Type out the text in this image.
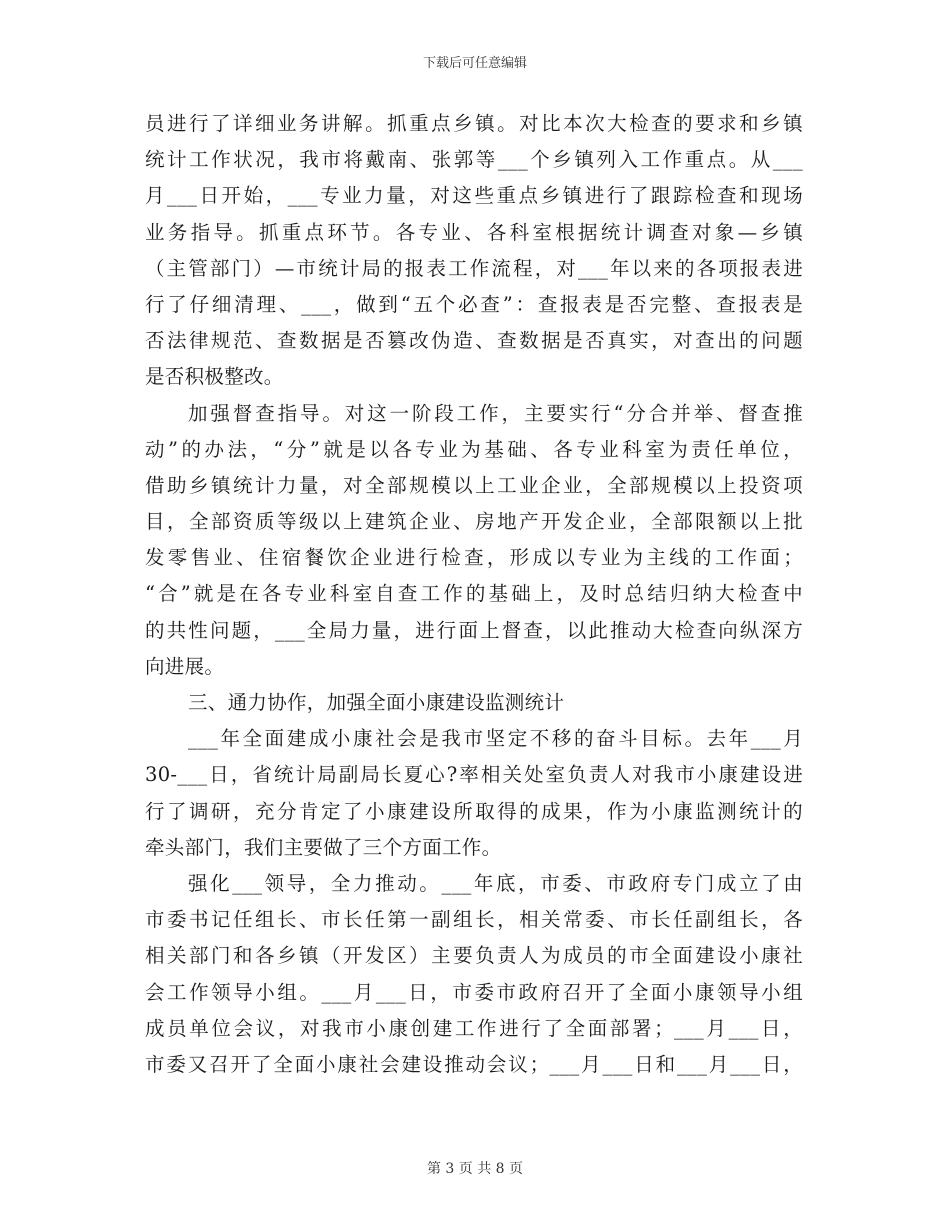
下载后可任意编辑
员进行了详细业务讲解。抓重点乡镇。对比本次大检查的要求和乡镇
统计工作状况，我市将戴南、张郭等___个乡镇列入工作重点。从___
月___日开始，___专业力量，对这些重点乡镇进行了跟踪检查和现场
业务指导。抓重点环节。各专业、各科室根据统计调查对象—乡镇
（主管部门）—市统计局的报表工作流程，对___年以来的各项报表进
行了仔细清理、___，做到“五个必查”：查报表是否完整、查报表是
否法律规范、查数据是否篡改伪造、查数据是否真实，对查出的问题
是否积极整改。
加强督查指导。对这一阶段工作，主要实行“分合并举、督查推
动”的办法，“分”就是以各专业为基础、各专业科室为责任单位，
借助乡镇统计力量，对全部规模以上工业企业，全部规模以上投资项
目，全部资质等级以上建筑企业、房地产开发企业，全部限额以上批
发零售业、住宿餐饮企业进行检查，形成以专业为主线的工作面；
“合”就是在各专业科室自查工作的基础上，及时总结归纳大检查中
的共性问题，___全局力量，进行面上督查，以此推动大检查向纵深方
向进展。
三、通力协作，加强全面小康建设监测统计
___年全面建成小康社会是我市坚定不移的奋斗目标。去年___月
30-___日，省统计局副局长夏心?率相关处室负责人对我市小康建设进
行了调研，充分肯定了小康建设所取得的成果，作为小康监测统计的
牵头部门，我们主要做了三个方面工作。
强化___领导，全力推动。___年底，市委、市政府专门成立了由
市委书记任组长、市长任第一副组长，相关常委、市长任副组长，各
相关部门和各乡镇（开发区）主要负责人为成员的市全面建设小康社
会工作领导小组。___月___日，市委市政府召开了全面小康领导小组
成员单位会议，对我市小康创建工作进行了全面部署；___月___日，
市委又召开了全面小康社会建设推动会议；___月___日和___月___日，
第 3 页 共 8 页
